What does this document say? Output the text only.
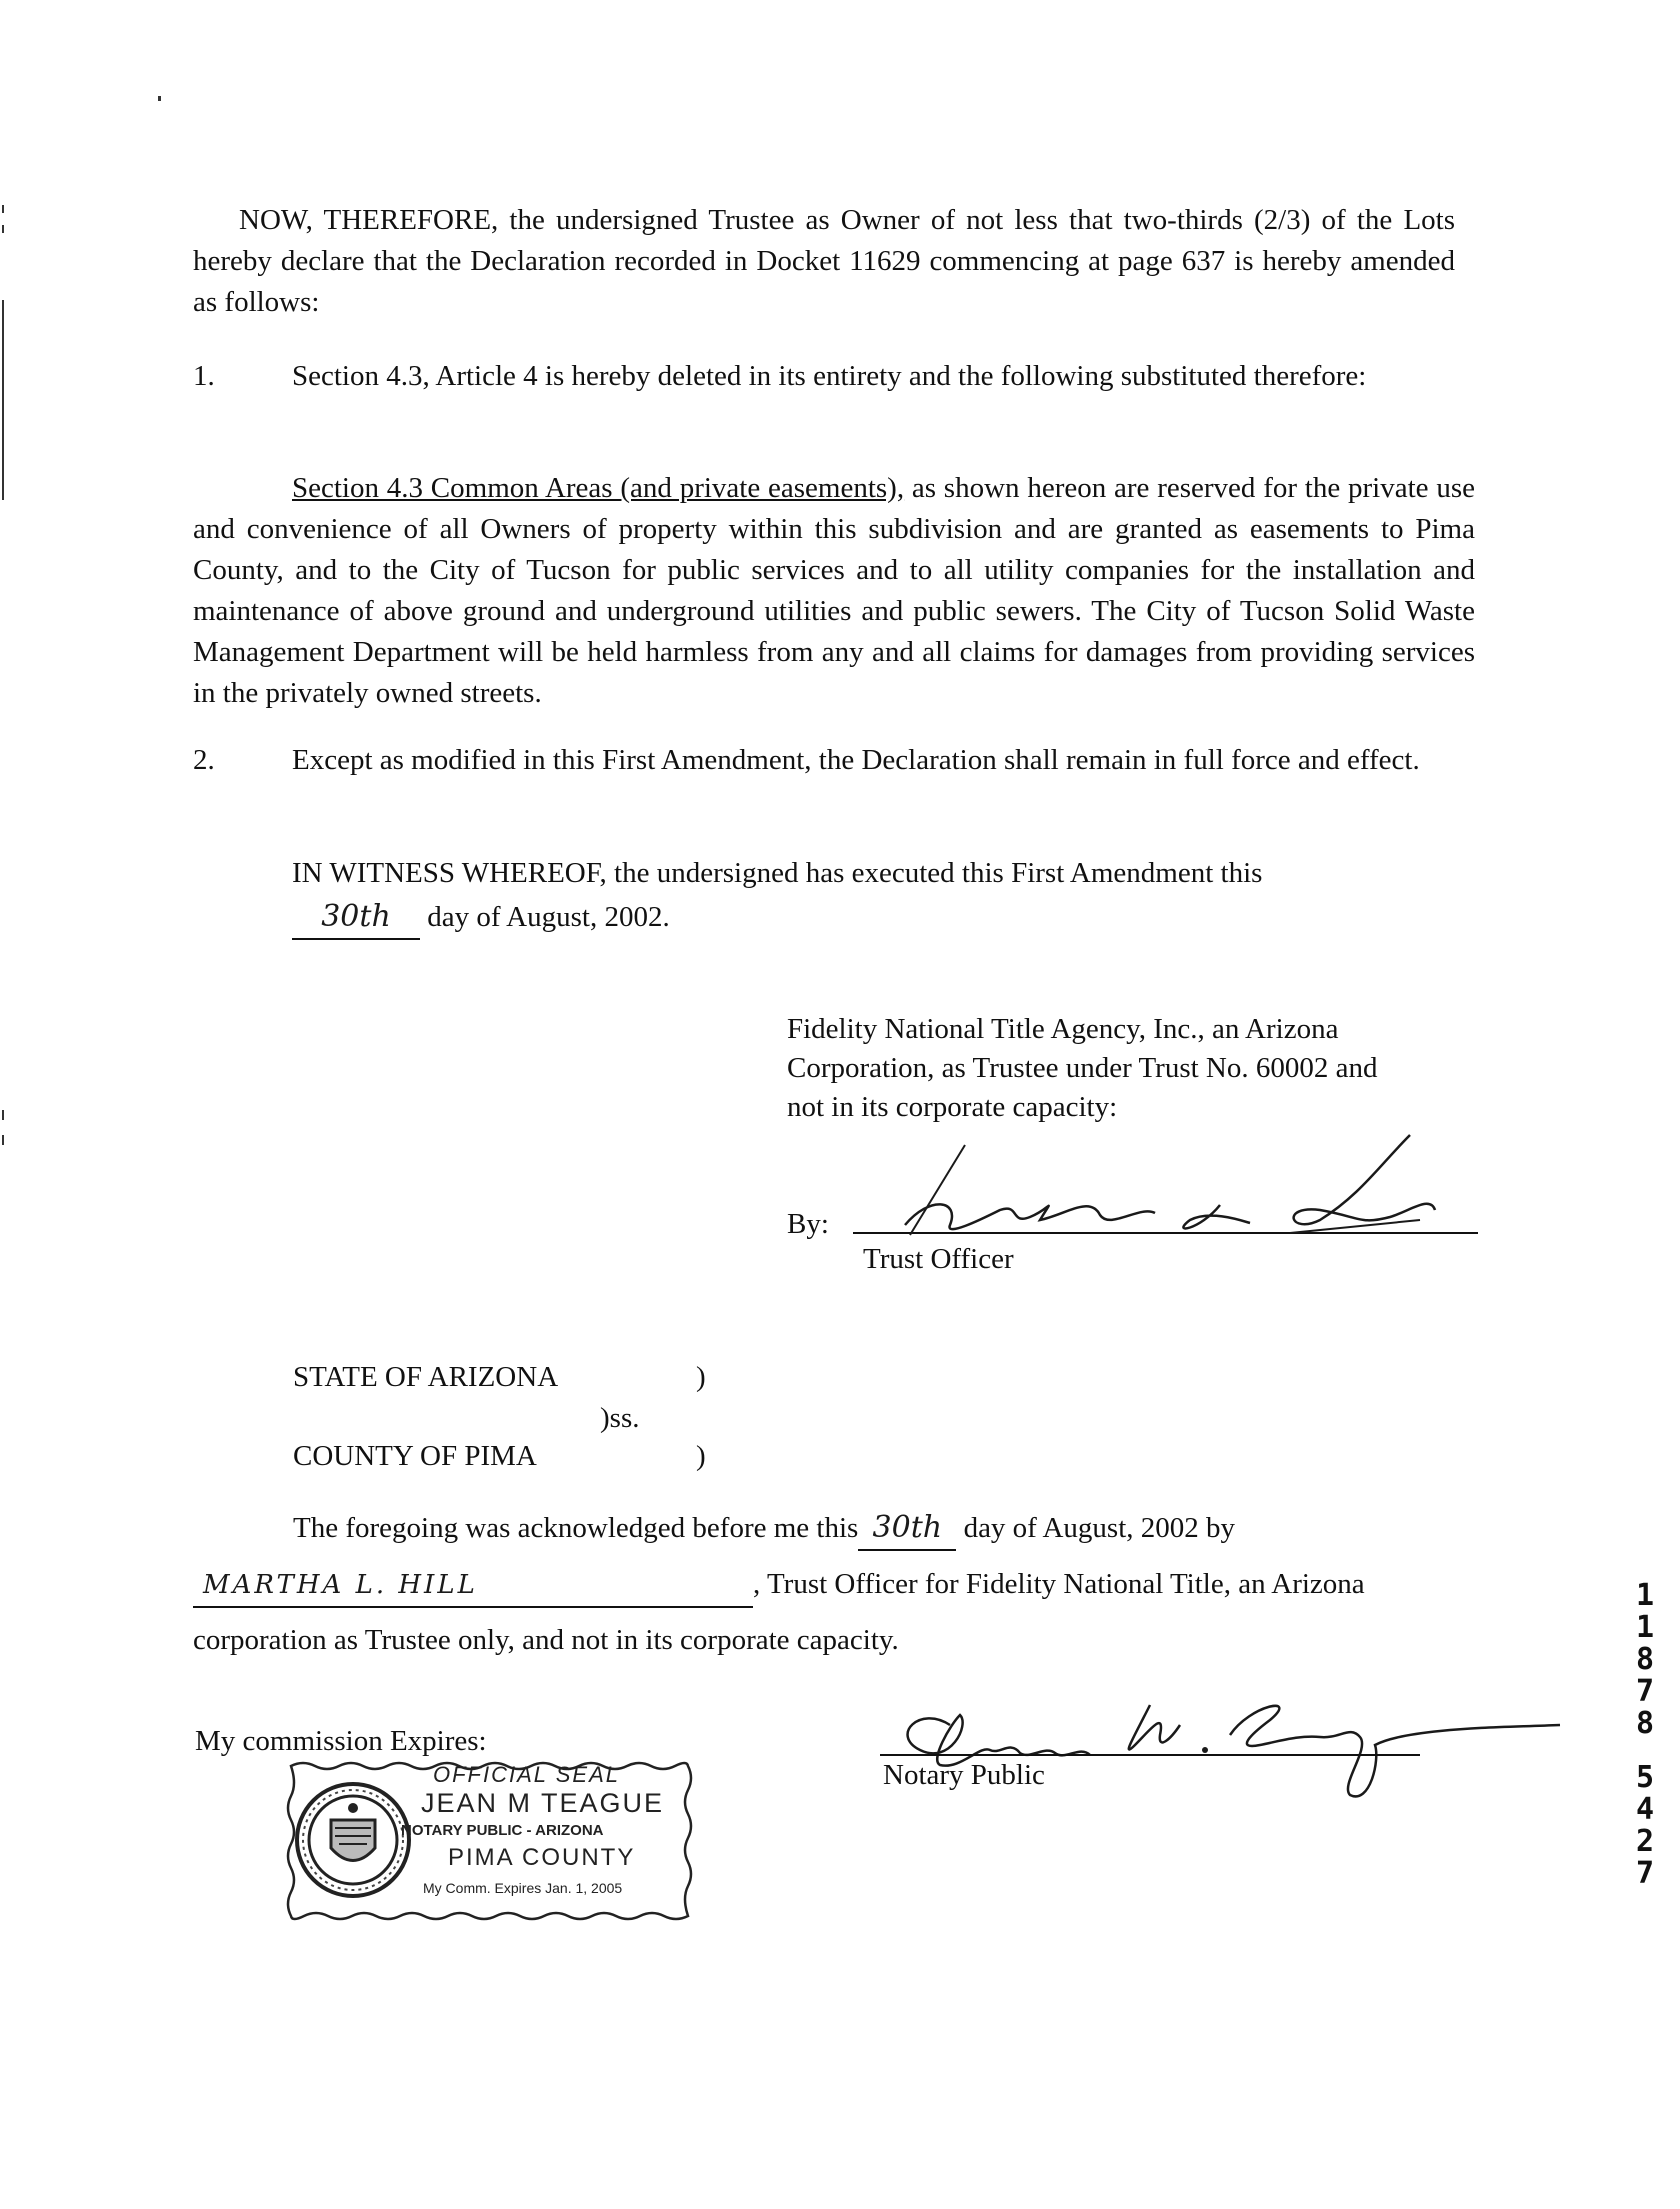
NOW, THEREFORE, the undersigned Trustee as Owner of not less that two-thirds (2/3) of the Lots hereby declare that the Declaration recorded in Docket 11629 commencing at page 637 is hereby amended as follows:

1.	Section 4.3, Article 4 is hereby deleted in its entirety and the following substituted therefore:

Section 4.3 Common Areas (and private easements), as shown hereon are reserved for the private use and convenience of all Owners of property within this subdivision and are granted as easements to Pima County, and to the City of Tucson for public services and to all utility companies for the installation and maintenance of above ground and underground utilities and public sewers. The City of Tucson Solid Waste Management Department will be held harmless from any and all claims for damages from providing services in the privately owned streets.

2.	Except as modified in this First Amendment, the Declaration shall remain in full force and effect.

IN WITNESS WHEREOF, the undersigned has executed this First Amendment this
30th day of August, 2002.
Fidelity National Title Agency, Inc., an Arizona
Corporation, as Trustee under Trust No. 60002 and
not in its corporate capacity:
By:
Trust Officer
STATE OF ARIZONA	)
)ss.
COUNTY OF PIMA	)
The foregoing was acknowledged before me this 30th day of August, 2002 by
MARTHA L. HILL	, Trust Officer for Fidelity National Title, an Arizona
corporation as Trustee only, and not in its corporate capacity.
My commission Expires:
Notary Public
OFFICIAL SEAL
JEAN M TEAGUE
NOTARY PUBLIC - ARIZONA
PIMA COUNTY
My Comm. Expires Jan. 1, 2005
1
1
8
7
8
5
4
2
7
